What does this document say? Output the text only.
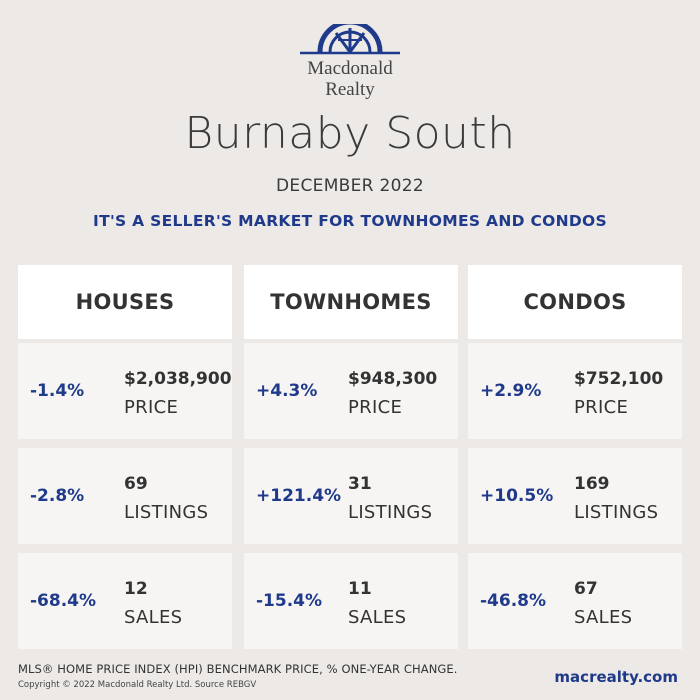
Macdonald
Realty
Burnaby South
DECEMBER 2022
IT'S A SELLER'S MARKET FOR TOWNHOMES AND CONDOS
HOUSES
-1.4%
$2,038,900
PRICE
-2.8%
69
LISTINGS
-68.4%
12
SALES
TOWNHOMES
+4.3%
$948,300
PRICE
+121.4%
31
LISTINGS
-15.4%
11
SALES
CONDOS
+2.9%
$752,100
PRICE
+10.5%
169
LISTINGS
-46.8%
67
SALES
MLS® HOME PRICE INDEX (HPI) BENCHMARK PRICE, % ONE-YEAR CHANGE.
Copyright © 2022 Macdonald Realty Ltd. Source REBGV	macrealty.com
